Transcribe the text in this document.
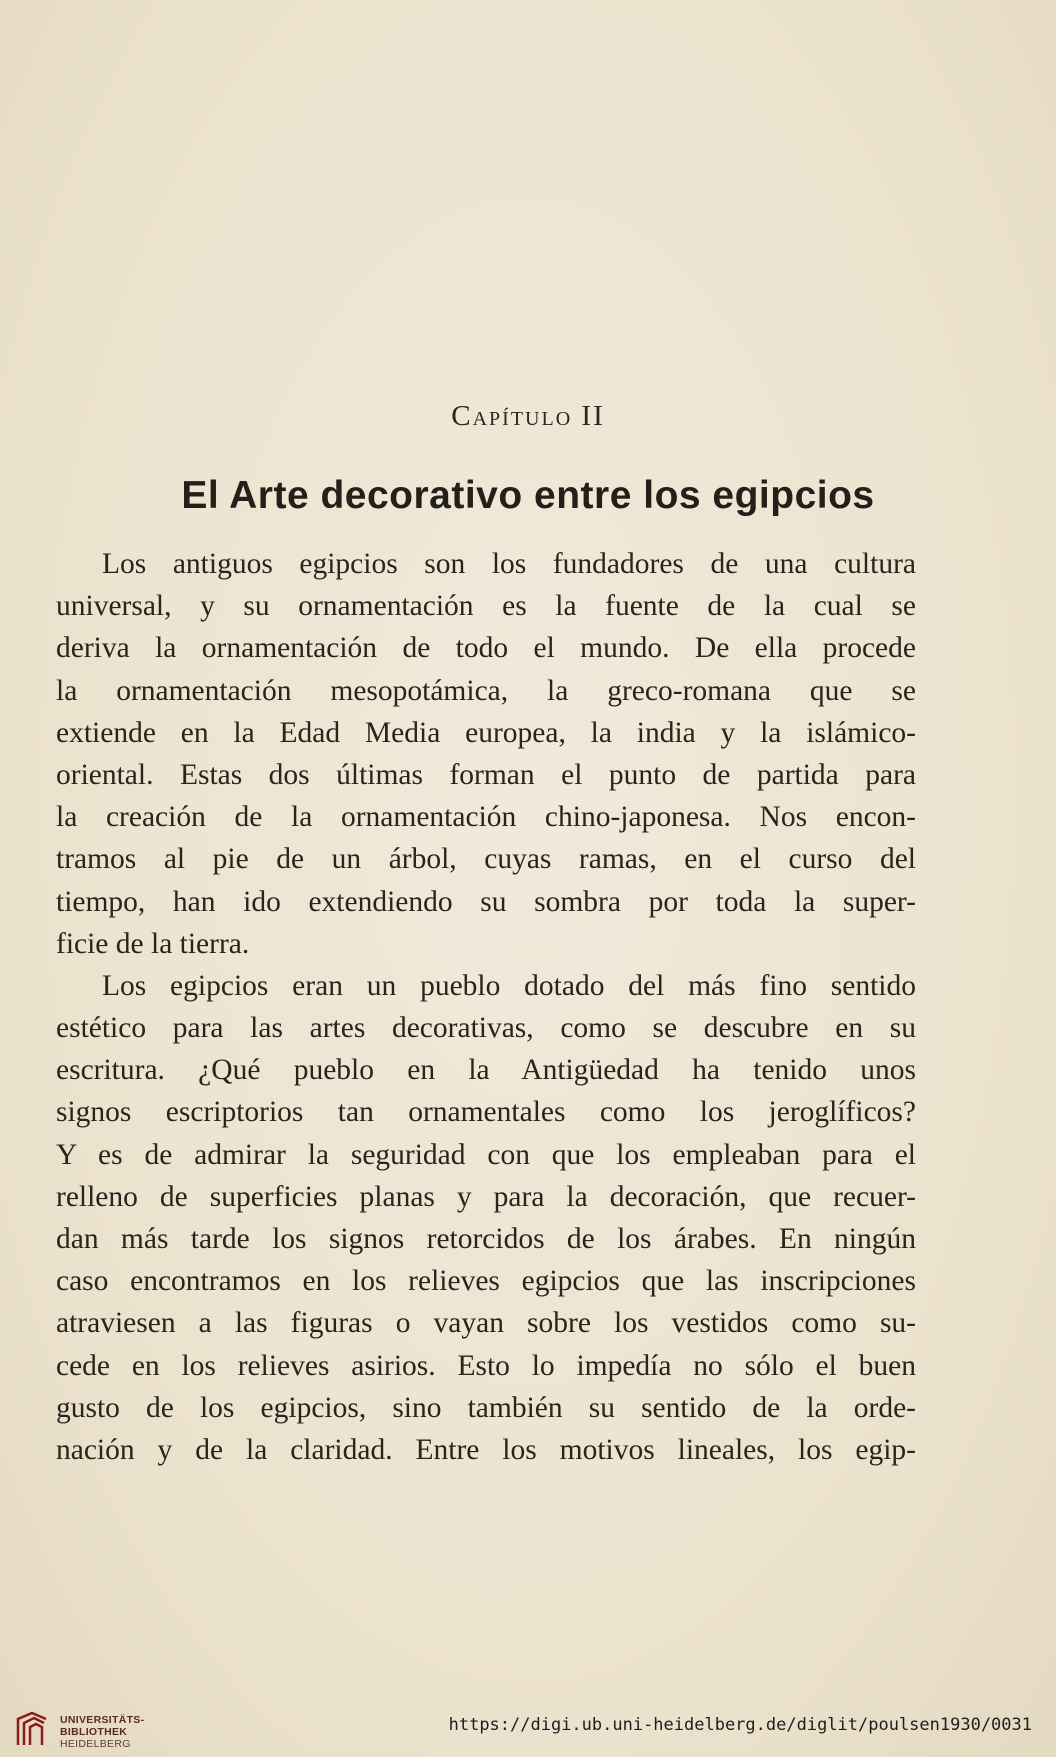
Capítulo II
El Arte decorativo entre los egipcios
Los antiguos egipcios son los fundadores de una cultura
universal, y su ornamentación es la fuente de la cual se
deriva la ornamentación de todo el mundo. De ella procede
la ornamentación mesopotámica, la greco-romana que se
extiende en la Edad Media europea, la india y la islámico-
oriental. Estas dos últimas forman el punto de partida para
la creación de la ornamentación chino-japonesa. Nos encon-
tramos al pie de un árbol, cuyas ramas, en el curso del
tiempo, han ido extendiendo su sombra por toda la super-
ficie de la tierra.
Los egipcios eran un pueblo dotado del más fino sentido
estético para las artes decorativas, como se descubre en su
escritura. ¿Qué pueblo en la Antigüedad ha tenido unos
signos escriptorios tan ornamentales como los jeroglíficos?
Y es de admirar la seguridad con que los empleaban para el
relleno de superficies planas y para la decoración, que recuer-
dan más tarde los signos retorcidos de los árabes. En ningún
caso encontramos en los relieves egipcios que las inscripciones
atraviesen a las figuras o vayan sobre los vestidos como su-
cede en los relieves asirios. Esto lo impedía no sólo el buen
gusto de los egipcios, sino también su sentido de la orde-
nación y de la claridad. Entre los motivos lineales, los egip-
UNIVERSITÄTS-
BIBLIOTHEK
HEIDELBERG
https://digi.ub.uni-heidelberg.de/diglit/poulsen1930/0031
